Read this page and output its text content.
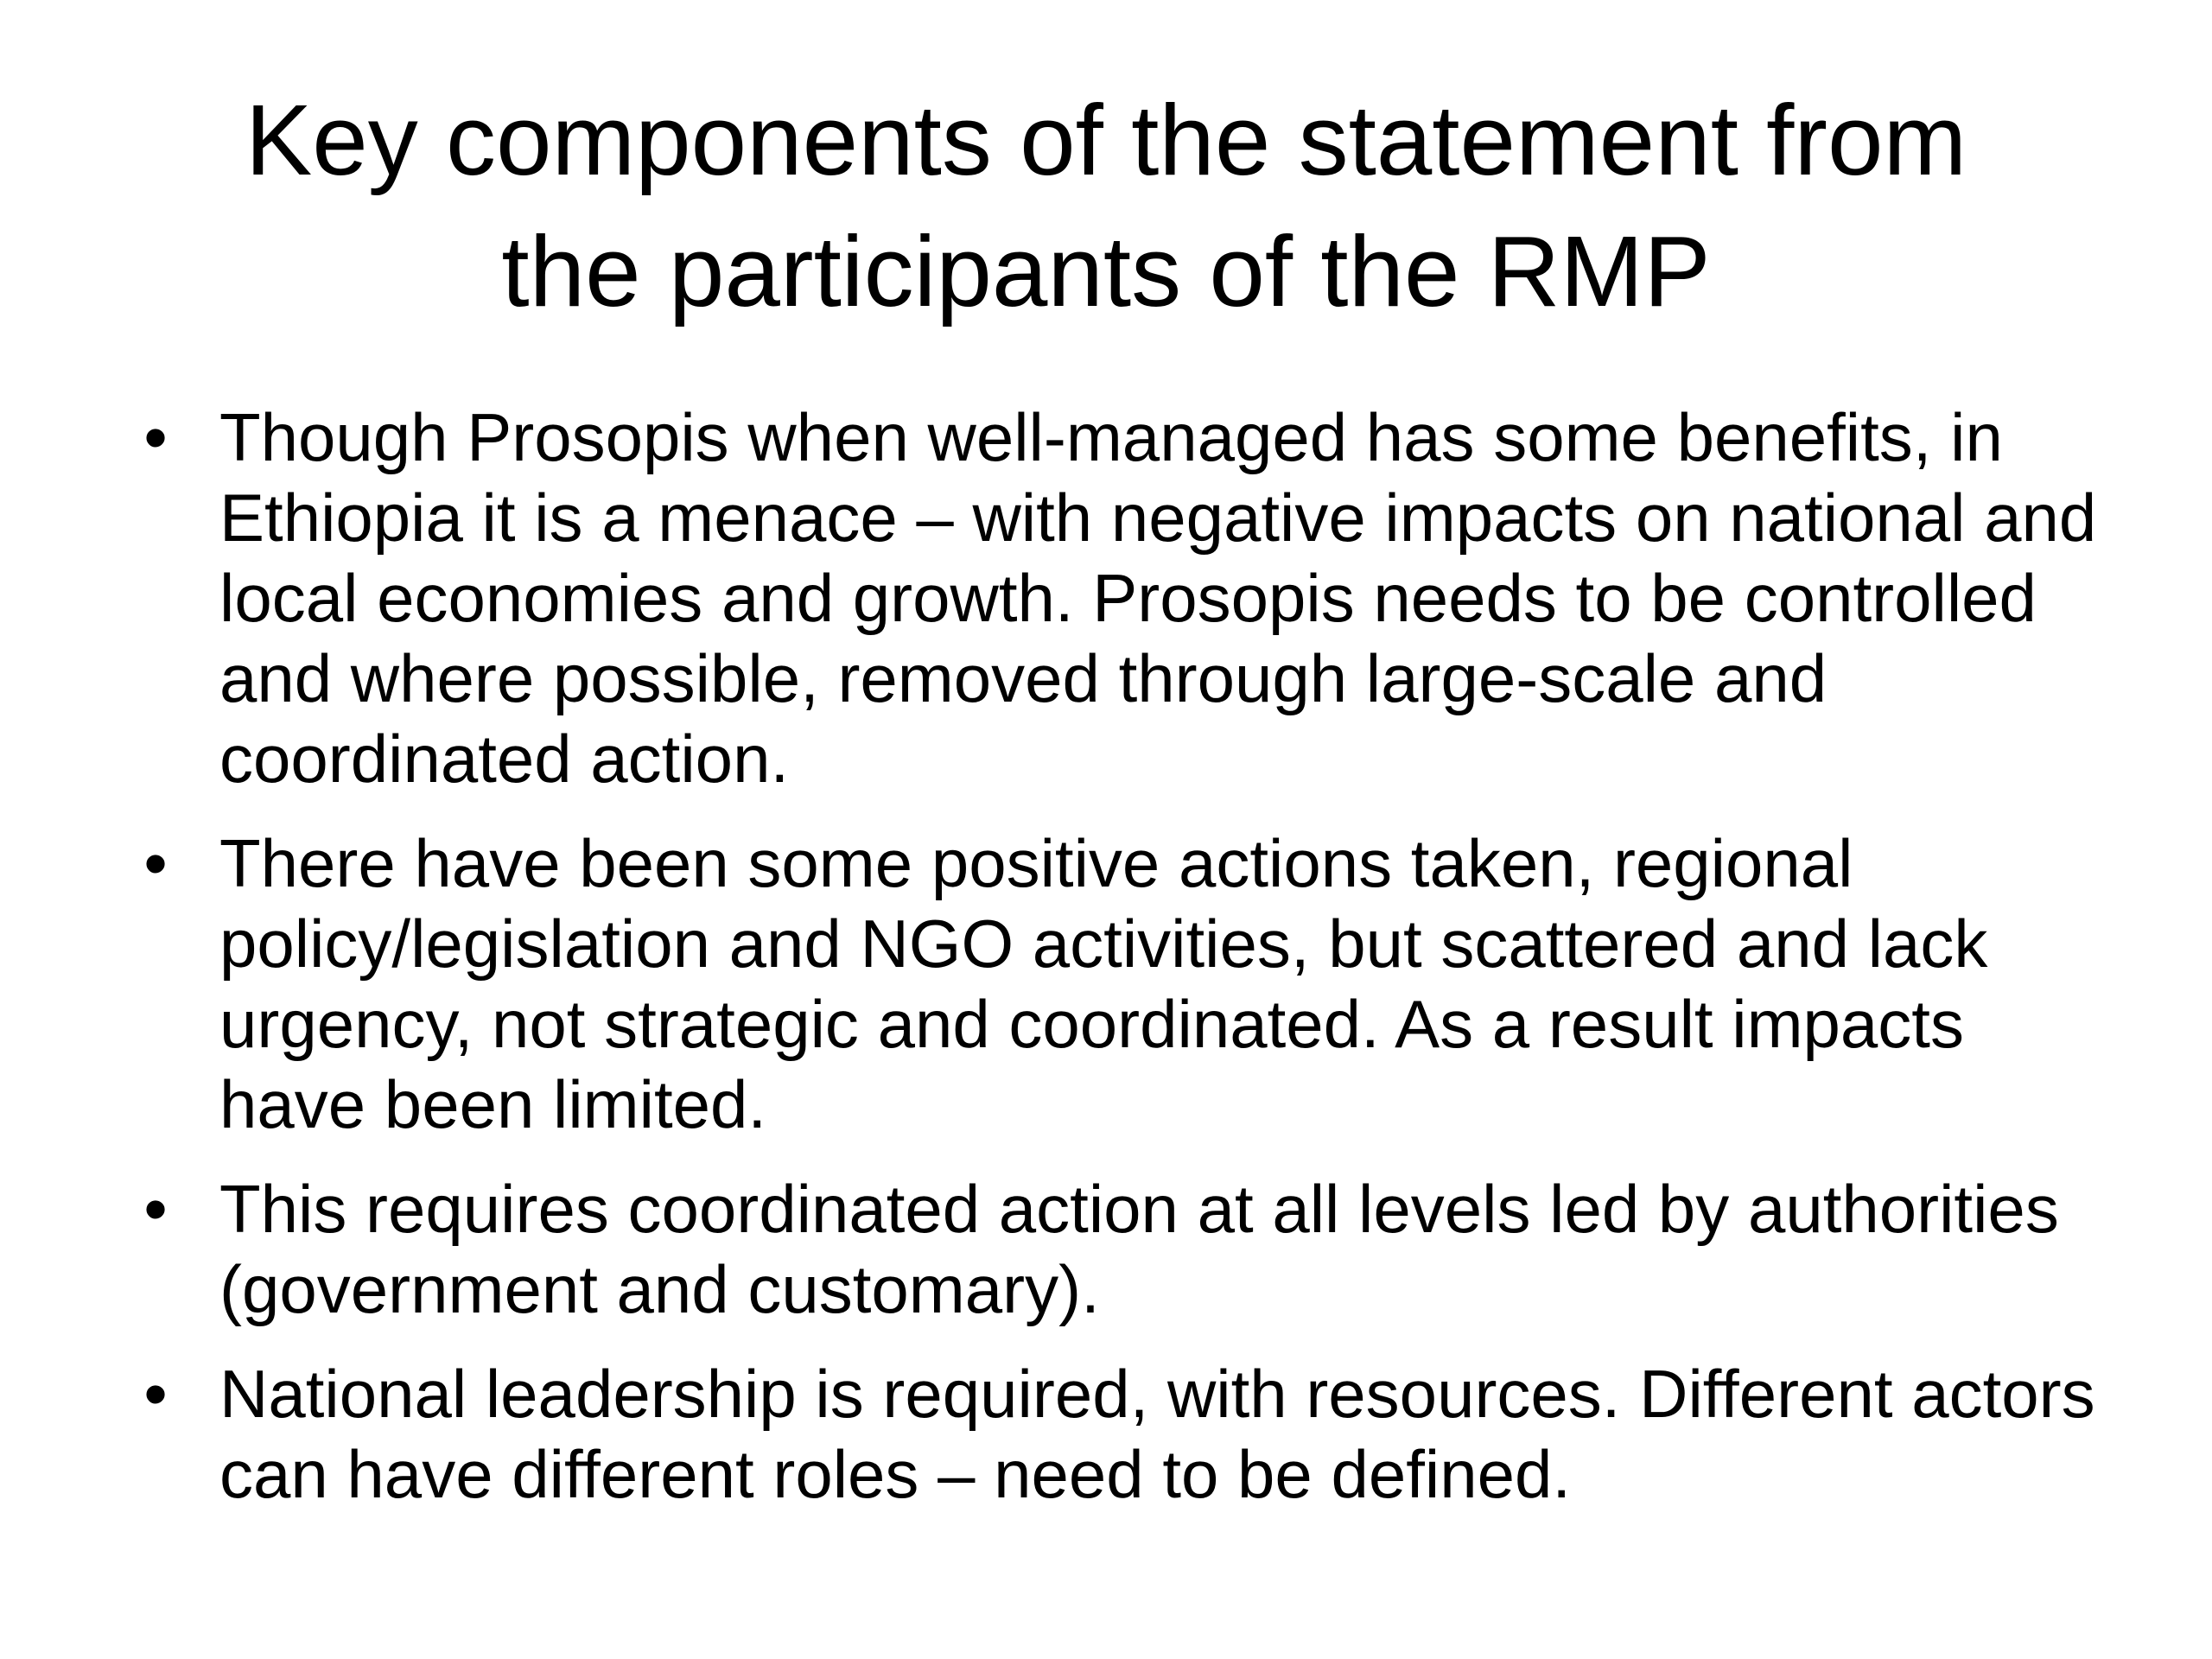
Key components of the statement from the participants of the RMP
• Though Prosopis when well-managed has some benefits, in Ethiopia it is a menace – with negative impacts on national and local economies and growth. Prosopis needs to be controlled and where possible, removed through large-scale and coordinated action.
• There have been some positive actions taken, regional policy/legislation and NGO activities, but scattered and lack urgency, not strategic and coordinated. As a result impacts have been limited.
• This requires coordinated action at all levels led by authorities (government and customary).
• National leadership is required, with resources. Different actors can have different roles – need to be defined.
